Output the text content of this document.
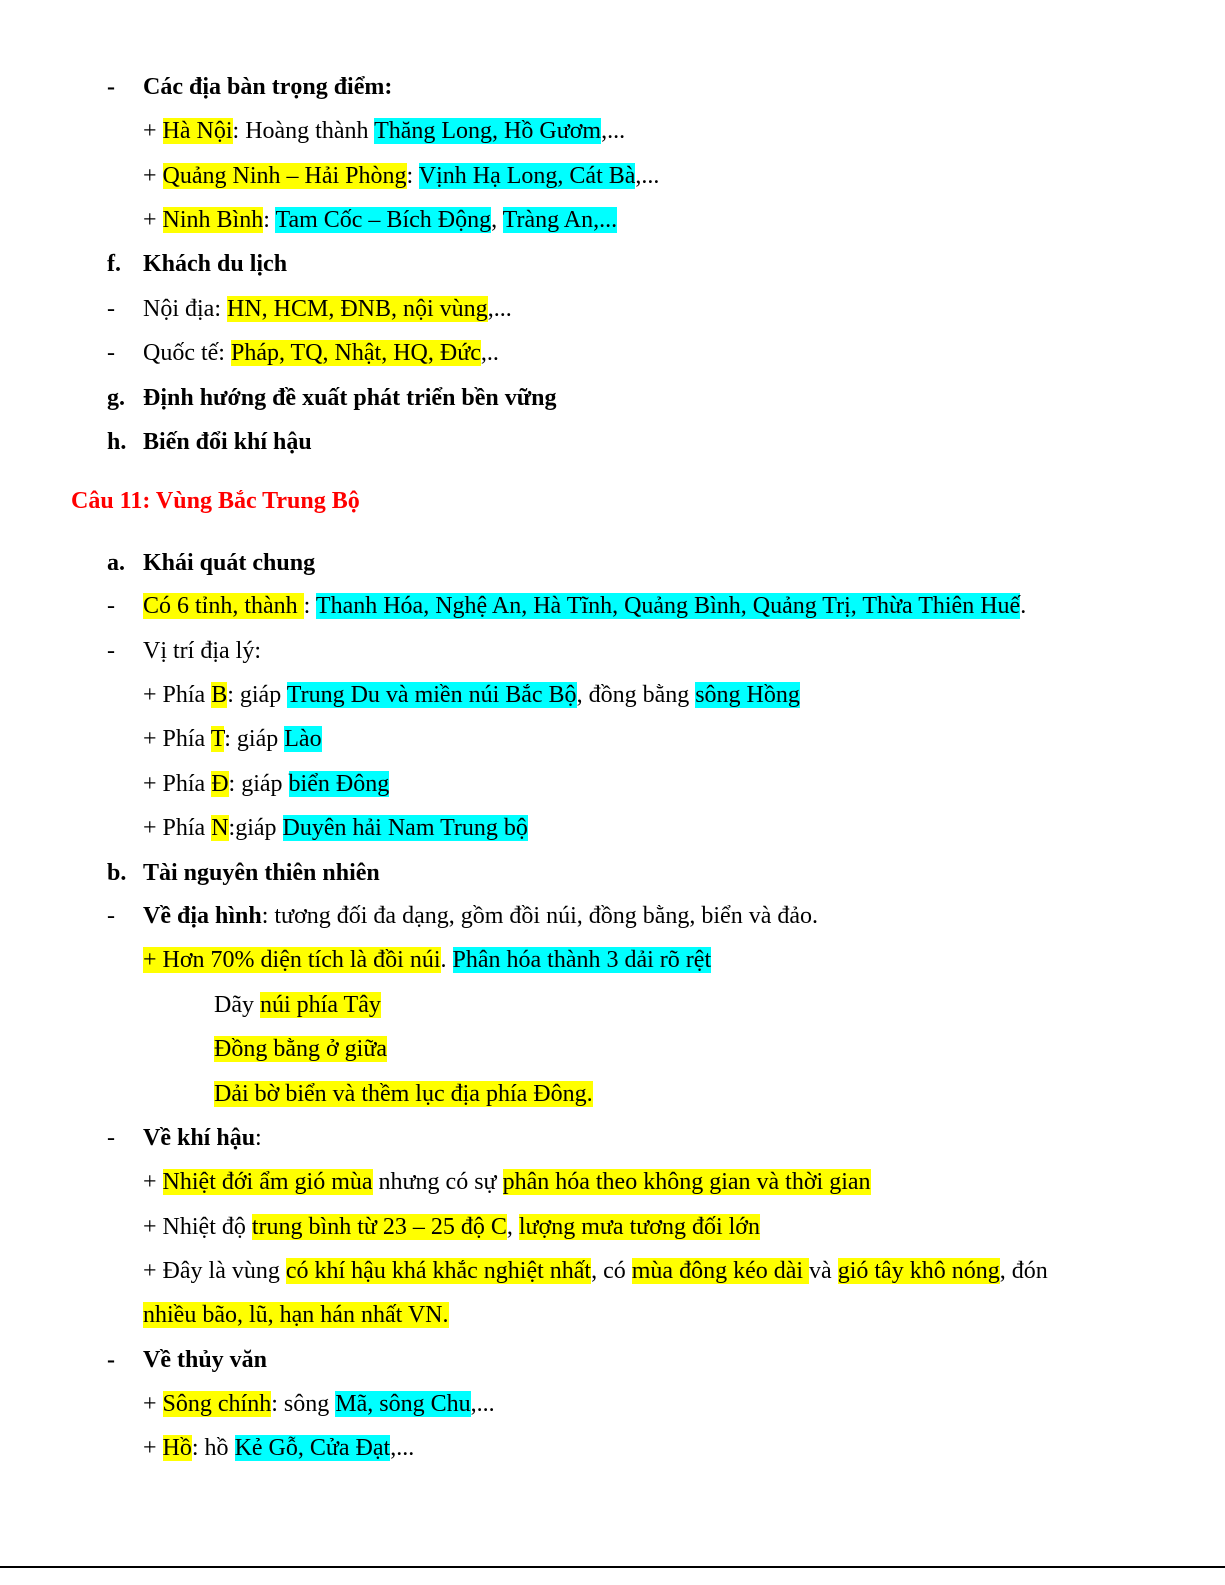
- Các địa bàn trọng điểm:
+ Hà Nội: Hoàng thành Thăng Long, Hồ Gươm,...
+ Quảng Ninh – Hải Phòng: Vịnh Hạ Long, Cát Bà,...
+ Ninh Bình: Tam Cốc – Bích Động, Tràng An,...
f. Khách du lịch
- Nội địa: HN, HCM, ĐNB, nội vùng,...
- Quốc tế: Pháp, TQ, Nhật, HQ, Đức,..
g. Định hướng đề xuất phát triển bền vững
h. Biến đổi khí hậu
Câu 11: Vùng Bắc Trung Bộ
a. Khái quát chung
- Có 6 tỉnh, thành : Thanh Hóa, Nghệ An, Hà Tĩnh, Quảng Bình, Quảng Trị, Thừa Thiên Huế.
- Vị trí địa lý:
+ Phía B: giáp Trung Du và miền núi Bắc Bộ, đồng bằng sông Hồng
+ Phía T: giáp Lào
+ Phía Đ: giáp biển Đông
+ Phía N:giáp Duyên hải Nam Trung bộ
b. Tài nguyên thiên nhiên
- Về địa hình: tương đối đa dạng, gồm đồi núi, đồng bằng, biển và đảo.
+ Hơn 70% diện tích là đồi núi. Phân hóa thành 3 dải rõ rệt
Dãy núi phía Tây
Đồng bằng ở giữa
Dải bờ biển và thềm lục địa phía Đông.
- Về khí hậu:
+ Nhiệt đới ẩm gió mùa nhưng có sự phân hóa theo không gian và thời gian
+ Nhiệt độ trung bình từ 23 – 25 độ C, lượng mưa tương đối lớn
+ Đây là vùng có khí hậu khá khắc nghiệt nhất, có mùa đông kéo dài và gió tây khô nóng, đón
nhiều bão, lũ, hạn hán nhất VN.
- Về thủy văn
+ Sông chính: sông Mã, sông Chu,...
+ Hồ: hồ Kẻ Gỗ, Cửa Đạt,...
